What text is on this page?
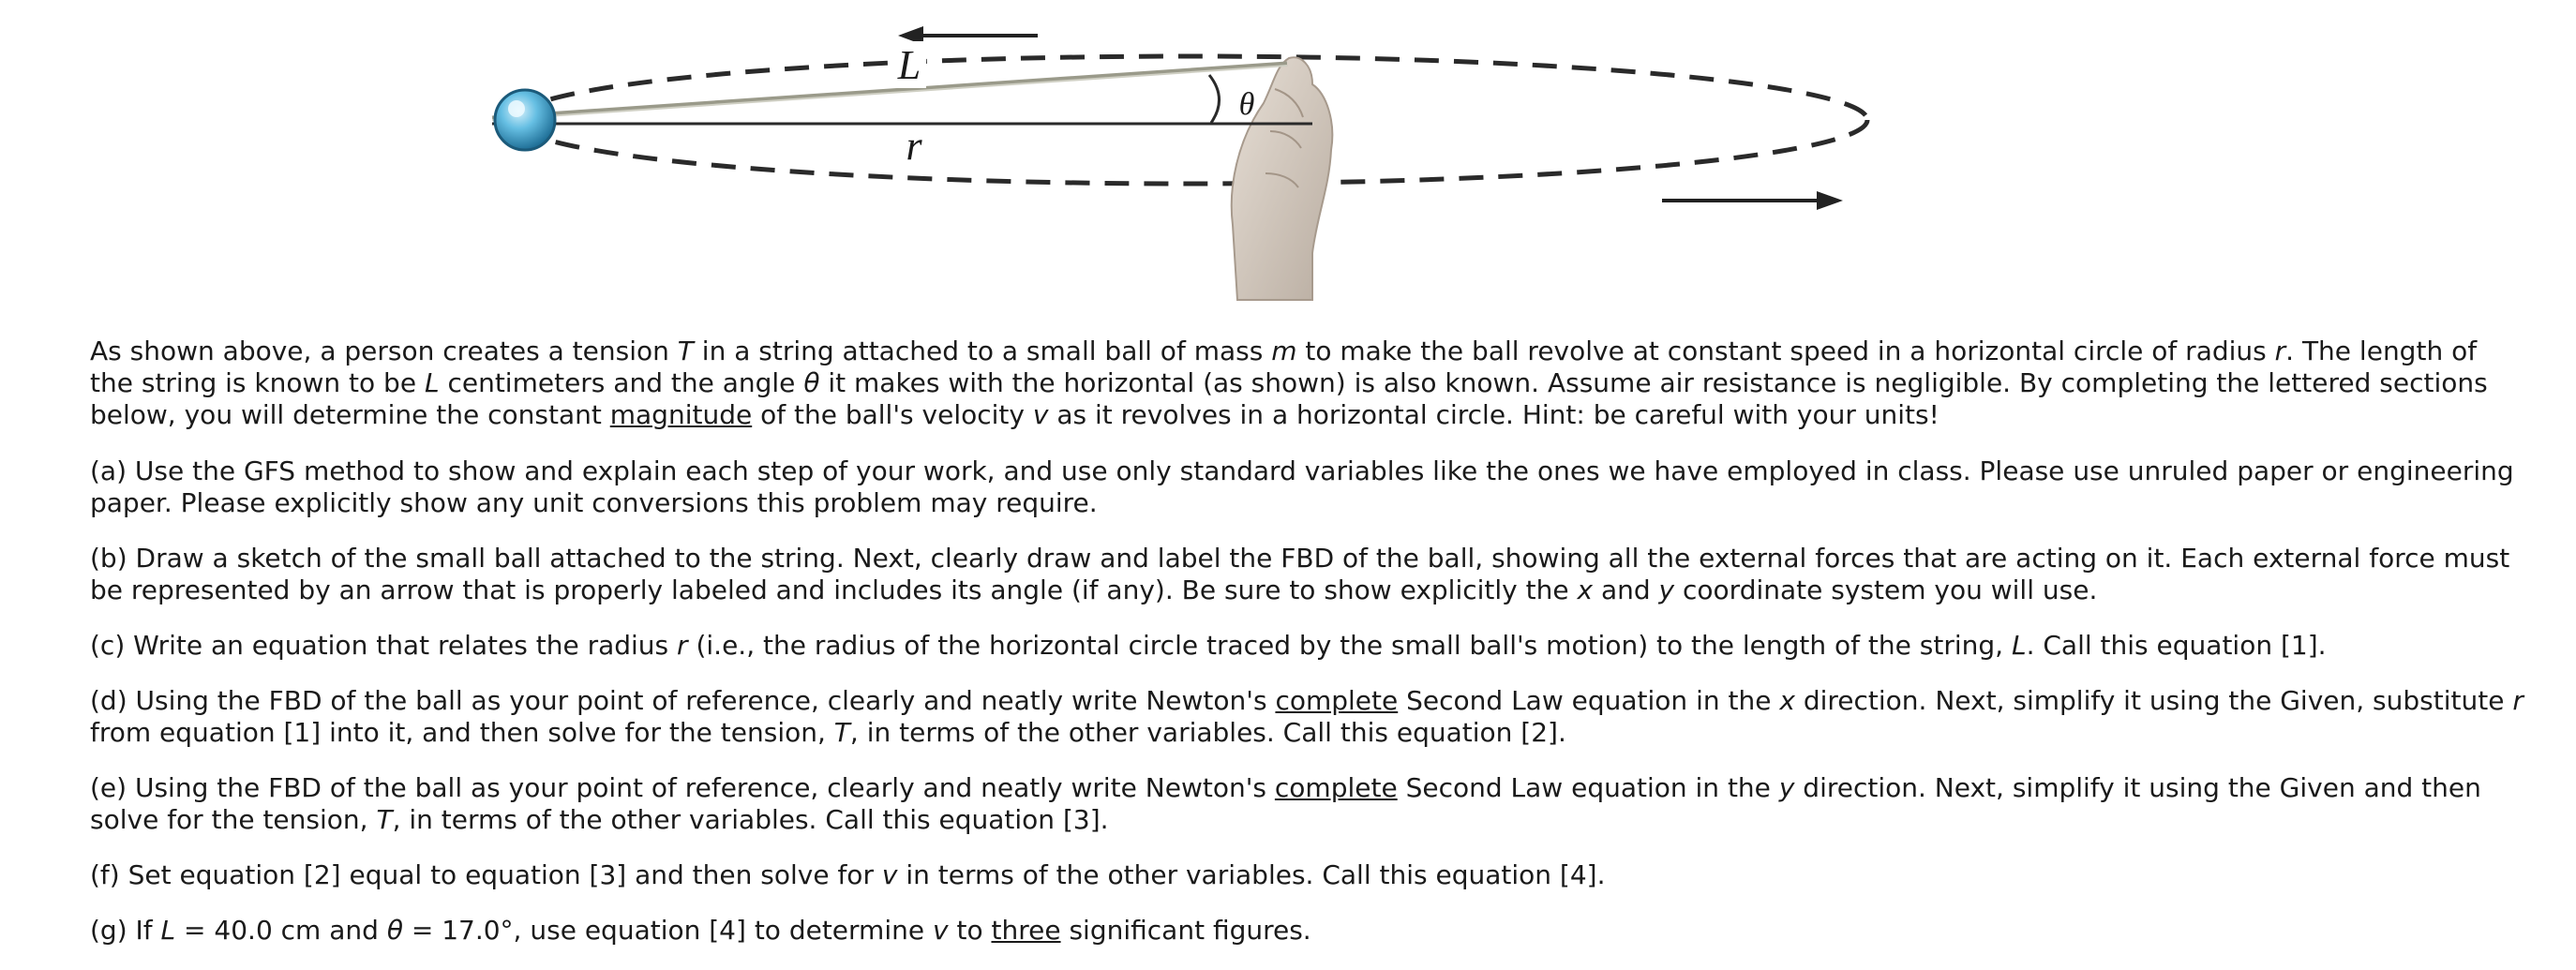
L
r
θ

As shown above, a person creates a tension T in a string attached to a small ball of mass m to make the ball revolve at constant speed in a horizontal circle of radius r. The length of the string is known to be L centimeters and the angle θ it makes with the horizontal (as shown) is also known. Assume air resistance is negligible. By completing the lettered sections below, you will determine the constant magnitude of the ball's velocity v as it revolves in a horizontal circle. Hint: be careful with your units!

(a) Use the GFS method to show and explain each step of your work, and use only standard variables like the ones we have employed in class. Please use unruled paper or engineering paper. Please explicitly show any unit conversions this problem may require.

(b) Draw a sketch of the small ball attached to the string. Next, clearly draw and label the FBD of the ball, showing all the external forces that are acting on it. Each external force must be represented by an arrow that is properly labeled and includes its angle (if any). Be sure to show explicitly the x and y coordinate system you will use.

(c) Write an equation that relates the radius r (i.e., the radius of the horizontal circle traced by the small ball's motion) to the length of the string, L. Call this equation [1].

(d) Using the FBD of the ball as your point of reference, clearly and neatly write Newton's complete Second Law equation in the x direction. Next, simplify it using the Given, substitute r from equation [1] into it, and then solve for the tension, T, in terms of the other variables. Call this equation [2].

(e) Using the FBD of the ball as your point of reference, clearly and neatly write Newton's complete Second Law equation in the y direction. Next, simplify it using the Given and then solve for the tension, T, in terms of the other variables. Call this equation [3].

(f) Set equation [2] equal to equation [3] and then solve for v in terms of the other variables. Call this equation [4].

(g) If L = 40.0 cm and θ = 17.0°, use equation [4] to determine v to three significant figures.
